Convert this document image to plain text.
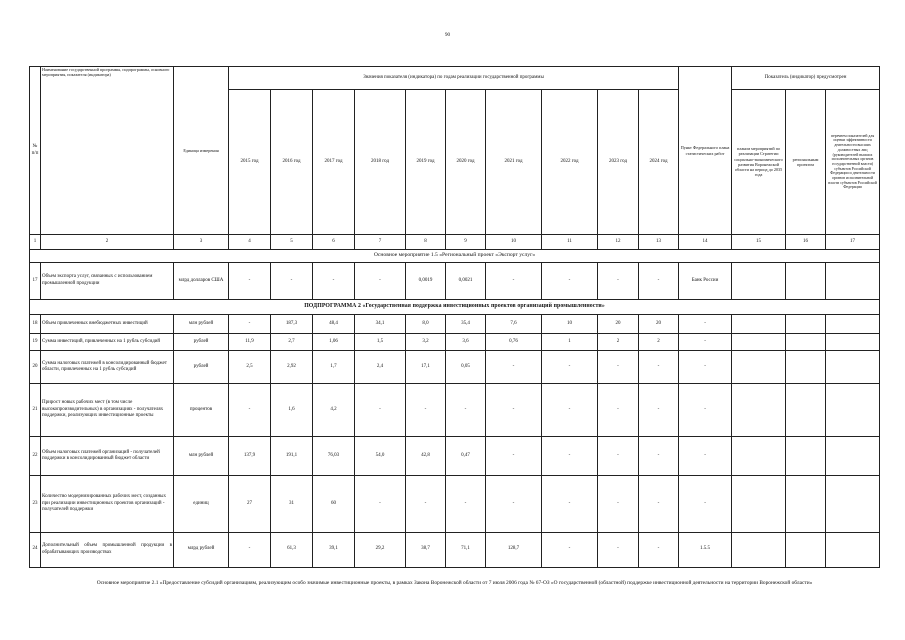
90
№ п/п	Наименование государственной программы, подпрограммы, основного мероприятия, показателя (индикатора)	Единица измерения	Значения показателя (индикатора) по годам реализации государственной программы										Пункт Федерального плана статистических работ	Показатель (индикатор) предусмотрен		
			2015 год	2016 год	2017 год	2018 год	2019 год	2020 год	2021 год	2022 год	2023 год	2024 год		планом мероприятий по реализации Стратегии социально-экономического развития Воронежской области на период до 2035 года	региональным проектом	перечнем показателей для оценки эффективности деятельности высших должностных лиц (руководителей высших исполнительных органов государственной власти) субъектов Российской Федерации и деятельности органов исполнительной власти субъектов Российской Федерации
1	2	3	4	5	6	7	8	9	10	11	12	13	14	15	16	17
Основное мероприятие 1.5 «Региональный проект «Экспорт услуг»																
17	Объем экспорта услуг, связанных с использованием промышленной продукции	млрд долларов США	-	-	-	-	0,0019	0,0021	-	-	-	-	Банк России			
ПОДПРОГРАММА 2 «Государственная поддержка инвестиционных проектов организаций промышленности»																
18	Объем привлеченных внебюджетных инвестиций	млн рублей	-	187,3	48,4	34,1	8,0	35,4	7,6	10	20	20	-			
19	Сумма инвестиций, привлеченных на 1 рубль субсидий	рублей	11,9	2,7	1,06	1,5	3,2	3,6	0,76	1	2	2	-			
20	Сумма налоговых платежей в консолидированный бюджет области, привлеченных на 1 рубль субсидий	рублей	2,5	2,92	1,7	2,4	17,1	0,05	-	-	-	-	-			
21	Прирост новых рабочих мест (в том числе высокопроизводительных) в организациях - получателях поддержки, реализующих инвестиционные проекты	процентов	-	1,6	4,2	-	-	-	-	-	-	-	-			
22	Объем налоговых платежей организаций - получателей поддержки в консолидированный бюджет области	млн рублей	137,9	191,1	76,03	54,0	42,8	0,47	-	-	-	-	-			
23	Количество модернизированных рабочих мест, созданных при реализации инвестиционных проектов организаций - получателей поддержки	единиц	27	31	60	-	-	-	-	-	-	-	-			
24	Дополнительный объем промышленной продукции в обрабатывающих производствах	млрд рублей	-	61,3	39,1	29,2	38,7	71,1	128,7	-	-	-	1.5.5			
Основное мероприятие 2.1 «Предоставление субсидий организациям, реализующим особо значимые инвестиционные проекты, в рамках Закона Воронежской области от 7 июля 2006 года № 67-ОЗ «О государственной (областной) поддержке инвестиционной деятельности на территории Воронежской области»																
